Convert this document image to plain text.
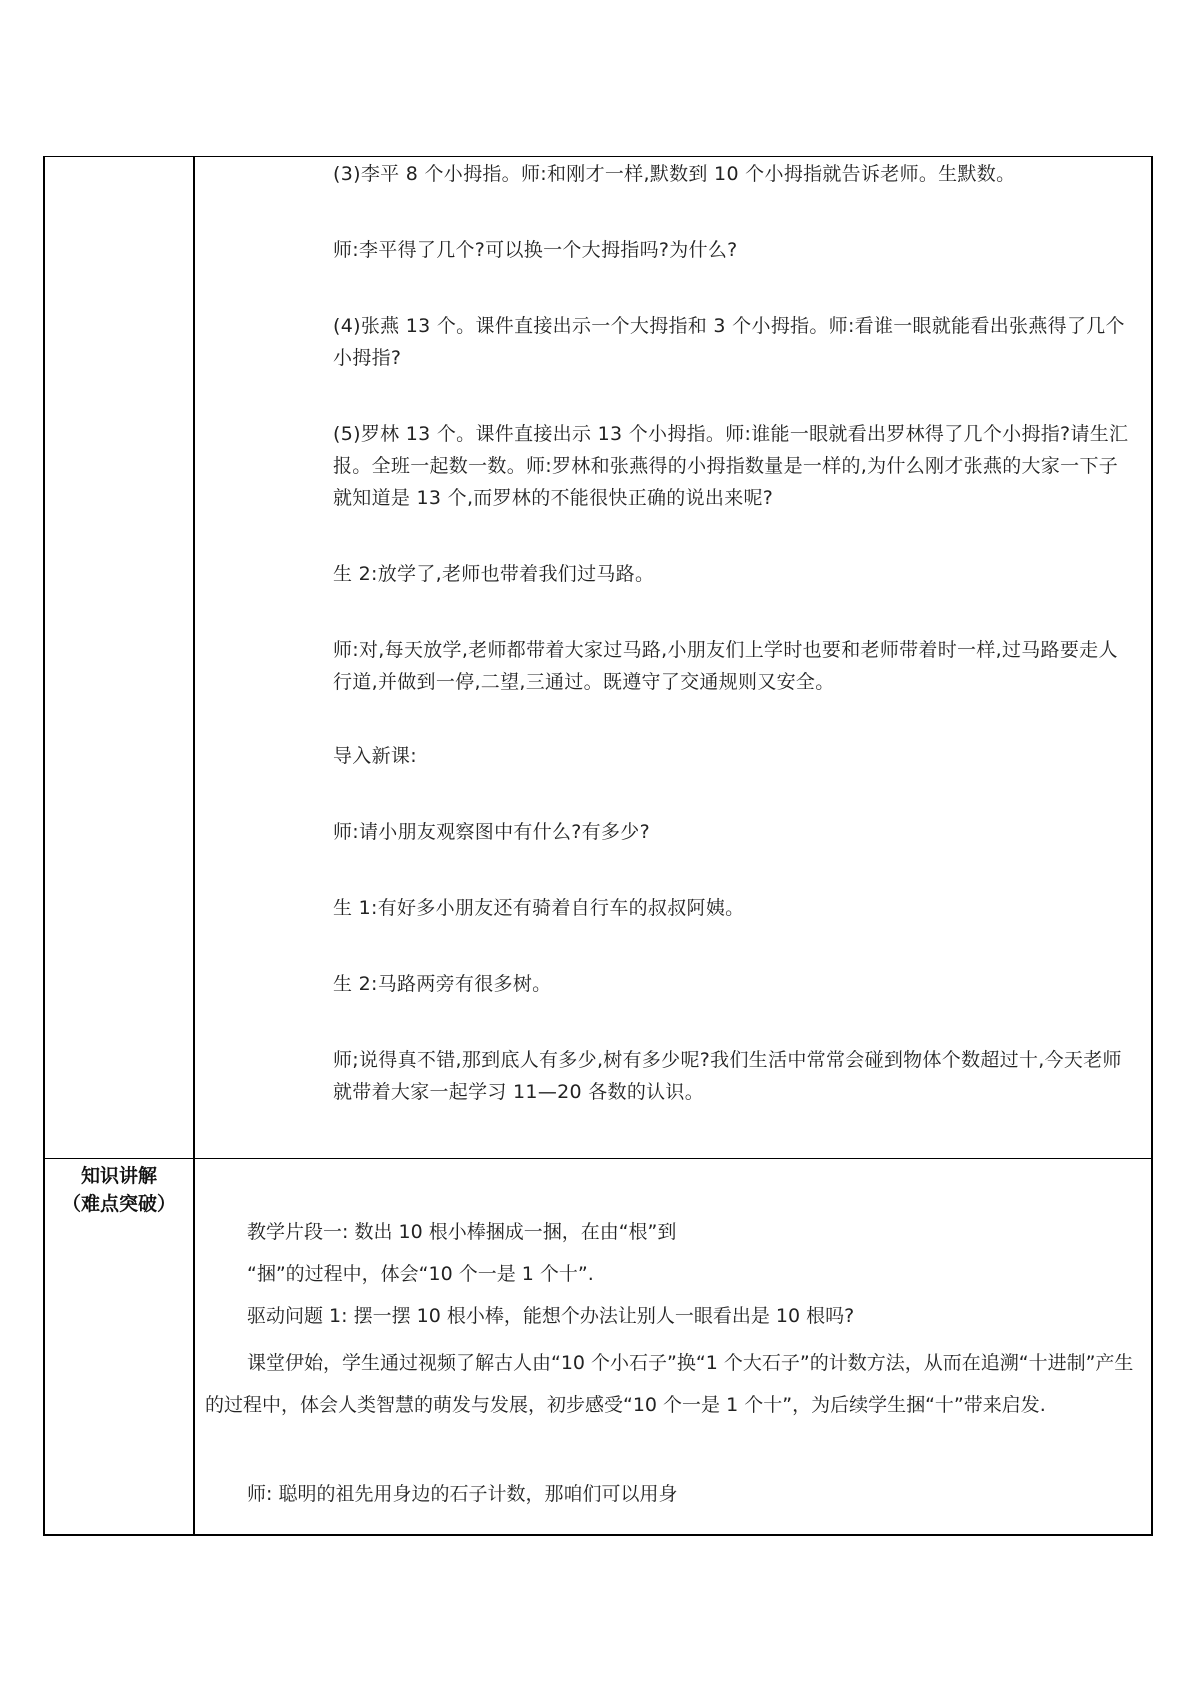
(3)李平 8 个小拇指。师:和刚才一样,默数到 10 个小拇指就告诉老师。生默数。
师:李平得了几个?可以换一个大拇指吗?为什么?
(4)张燕 13 个。课件直接出示一个大拇指和 3 个小拇指。师:看谁一眼就能看出张燕得了几个小拇指?
(5)罗林 13 个。课件直接出示 13 个小拇指。师:谁能一眼就看出罗林得了几个小拇指?请生汇报。全班一起数一数。师:罗林和张燕得的小拇指数量是一样的,为什么刚才张燕的大家一下子就知道是 13 个,而罗林的不能很快正确的说出来呢?
生 2:放学了,老师也带着我们过马路。
师:对,每天放学,老师都带着大家过马路,小朋友们上学时也要和老师带着时一样,过马路要走人行道,并做到一停,二望,三通过。既遵守了交通规则又安全。
导入新课:
师:请小朋友观察图中有什么?有多少?
生 1:有好多小朋友还有骑着自行车的叔叔阿姨。
生 2:马路两旁有很多树。
师;说得真不错,那到底人有多少,树有多少呢?我们生活中常常会碰到物体个数超过十,今天老师就带着大家一起学习 11—20 各数的认识。
知识讲解
（难点突破）
教学片段一: 数出 10 根小棒捆成一捆，在由“根”到
“捆”的过程中，体会“10 个一是 1 个十”.
驱动问题 1: 摆一摆 10 根小棒，能想个办法让别人一眼看出是 10 根吗?
课堂伊始，学生通过视频了解古人由“10 个小石子”换“1 个大石子”的计数方法，从而在追溯“十进制”产生的过程中，体会人类智慧的萌发与发展，初步感受“10 个一是 1 个十”，为后续学生捆“十”带来启发.
师: 聪明的祖先用身边的石子计数，那咱们可以用身
